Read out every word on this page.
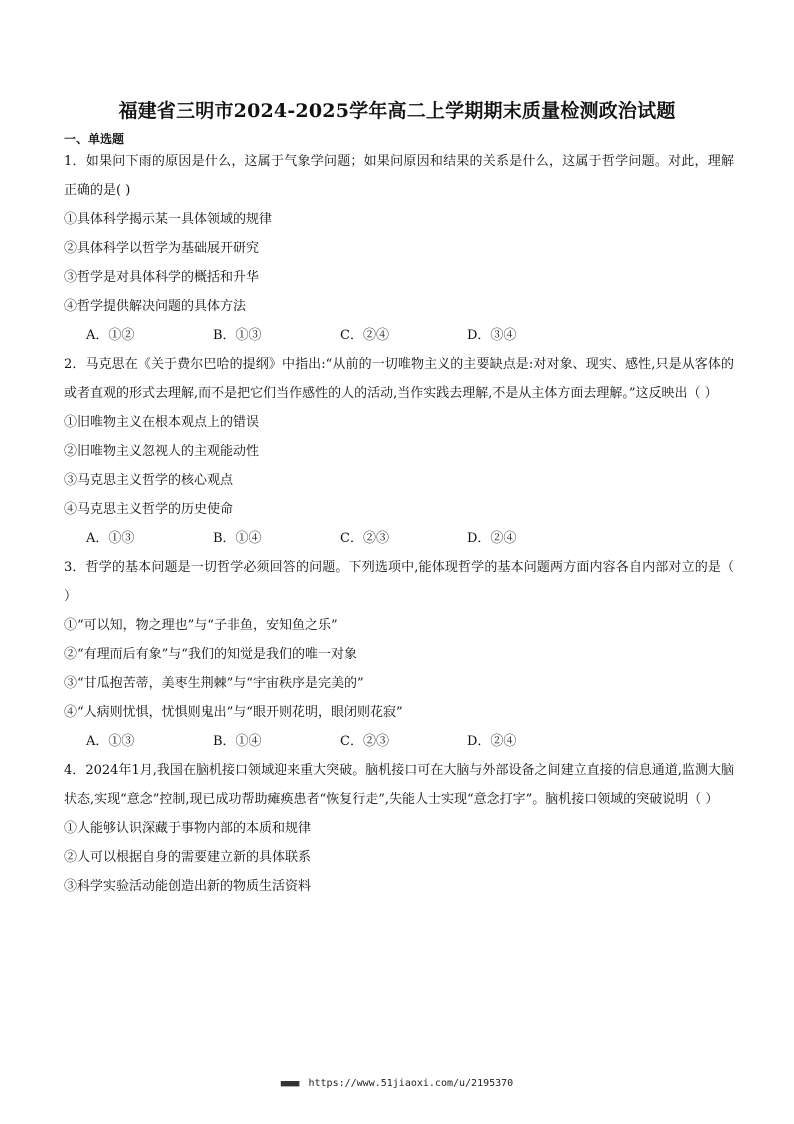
福建省三明市2024-2025学年高二上学期期末质量检测政治试题
一、单选题
1．如果问下雨的原因是什么，这属于气象学问题；如果问原因和结果的关系是什么，这属于哲学问题。对此，理解正确的是( )
①具体科学揭示某一具体领域的规律
②具体科学以哲学为基础展开研究
③哲学是对具体科学的概括和升华
④哲学提供解决问题的具体方法
A．①②	B．①③	C．②④	D．③④
2．马克思在《关于费尔巴哈的提纲》中指出:“从前的一切唯物主义的主要缺点是:对对象、现实、感性,只是从客体的或者直观的形式去理解,而不是把它们当作感性的人的活动,当作实践去理解,不是从主体方面去理解。”这反映出（ ）
①旧唯物主义在根本观点上的错误
②旧唯物主义忽视人的主观能动性
③马克思主义哲学的核心观点
④马克思主义哲学的历史使命
A．①③	B．①④	C．②③	D．②④
3．哲学的基本问题是一切哲学必须回答的问题。下列选项中,能体现哲学的基本问题两方面内容各自内部对立的是（ ）
①“可以知，物之理也”与“子非鱼，安知鱼之乐”
②“有理而后有象”与“我们的知觉是我们的唯一对象
③“甘瓜抱苦蒂，美枣生荆棘”与“宇宙秩序是完美的”
④“人病则忧惧，忧惧则鬼出”与“眼开则花明，眼闭则花寂”
A．①③	B．①④	C．②③	D．②④
4．2024年1月,我国在脑机接口领域迎来重大突破。脑机接口可在大脑与外部设备之间建立直接的信息通道,监测大脑状态,实现“意念”控制,现已成功帮助瘫痪患者“恢复行走”,失能人士实现“意念打字”。脑机接口领域的突破说明（ ）
①人能够认识深藏于事物内部的本质和规律
②人可以根据自身的需要建立新的具体联系
③科学实验活动能创造出新的物质生活资料
■■■■ https://www.51jiaoxi.com/u/2195370
